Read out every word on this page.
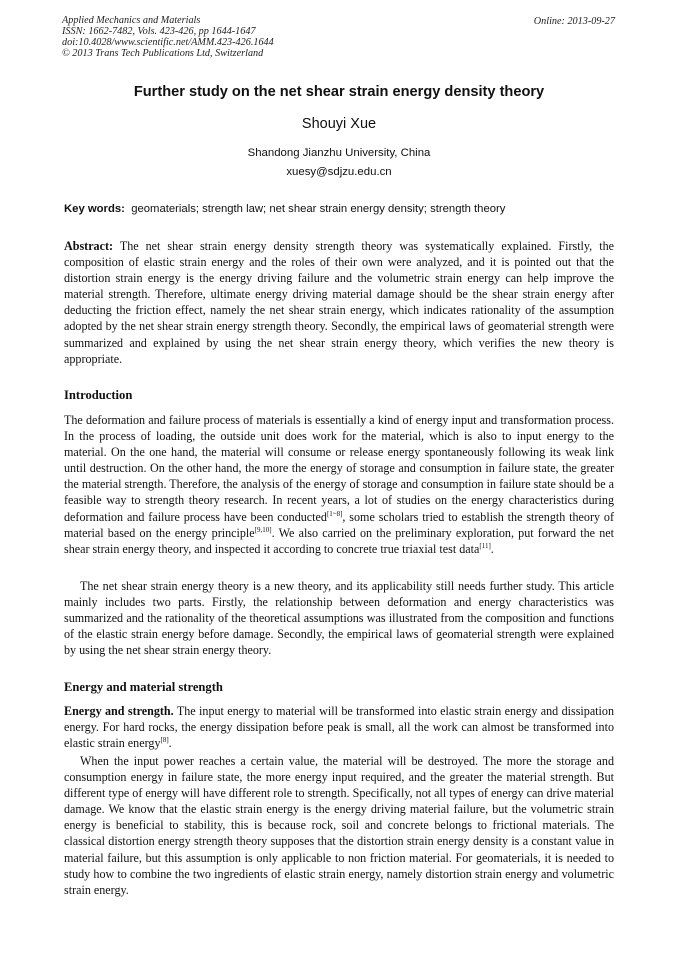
Applied Mechanics and Materials
ISSN: 1662-7482, Vols. 423-426, pp 1644-1647
doi:10.4028/www.scientific.net/AMM.423-426.1644
© 2013 Trans Tech Publications Ltd, Switzerland
Online: 2013-09-27
Further study on the net shear strain energy density theory
Shouyi Xue
Shandong Jianzhu University, China
xuesy@sdjzu.edu.cn
Key words: geomaterials; strength law; net shear strain energy density; strength theory
Abstract: The net shear strain energy density strength theory was systematically explained. Firstly, the composition of elastic strain energy and the roles of their own were analyzed, and it is pointed out that the distortion strain energy is the energy driving failure and the volumetric strain energy can help improve the material strength. Therefore, ultimate energy driving material damage should be the shear strain energy after deducting the friction effect, namely the net shear strain energy, which indicates rationality of the assumption adopted by the net shear strain energy strength theory. Secondly, the empirical laws of geomaterial strength were summarized and explained by using the net shear strain energy theory, which verifies the new theory is appropriate.
Introduction
The deformation and failure process of materials is essentially a kind of energy input and transformation process. In the process of loading, the outside unit does work for the material, which is also to input energy to the material. On the one hand, the material will consume or release energy spontaneously following its weak link until destruction. On the other hand, the more the energy of storage and consumption in failure state, the greater the material strength. Therefore, the analysis of the energy of storage and consumption in failure state should be a feasible way to strength theory research. In recent years, a lot of studies on the energy characteristics during deformation and failure process have been conducted[1~8], some scholars tried to establish the strength theory of material based on the energy principle[9,10]. We also carried on the preliminary exploration, put forward the net shear strain energy theory, and inspected it according to concrete true triaxial test data[11].
The net shear strain energy theory is a new theory, and its applicability still needs further study. This article mainly includes two parts. Firstly, the relationship between deformation and energy characteristics was summarized and the rationality of the theoretical assumptions was illustrated from the composition and functions of the elastic strain energy before damage. Secondly, the empirical laws of geomaterial strength were explained by using the net shear strain energy theory.
Energy and material strength
Energy and strength. The input energy to material will be transformed into elastic strain energy and dissipation energy. For hard rocks, the energy dissipation before peak is small, all the work can almost be transformed into elastic strain energy[8].
When the input power reaches a certain value, the material will be destroyed. The more the storage and consumption energy in failure state, the more energy input required, and the greater the material strength. But different type of energy will have different role to strength. Specifically, not all types of energy can drive material damage. We know that the elastic strain energy is the energy driving material failure, but the volumetric strain energy is beneficial to stability, this is because rock, soil and concrete belongs to frictional materials. The classical distortion energy strength theory supposes that the distortion strain energy density is a constant value in material failure, but this assumption is only applicable to non friction material. For geomaterials, it is needed to study how to combine the two ingredients of elastic strain energy, namely distortion strain energy and volumetric strain energy.
